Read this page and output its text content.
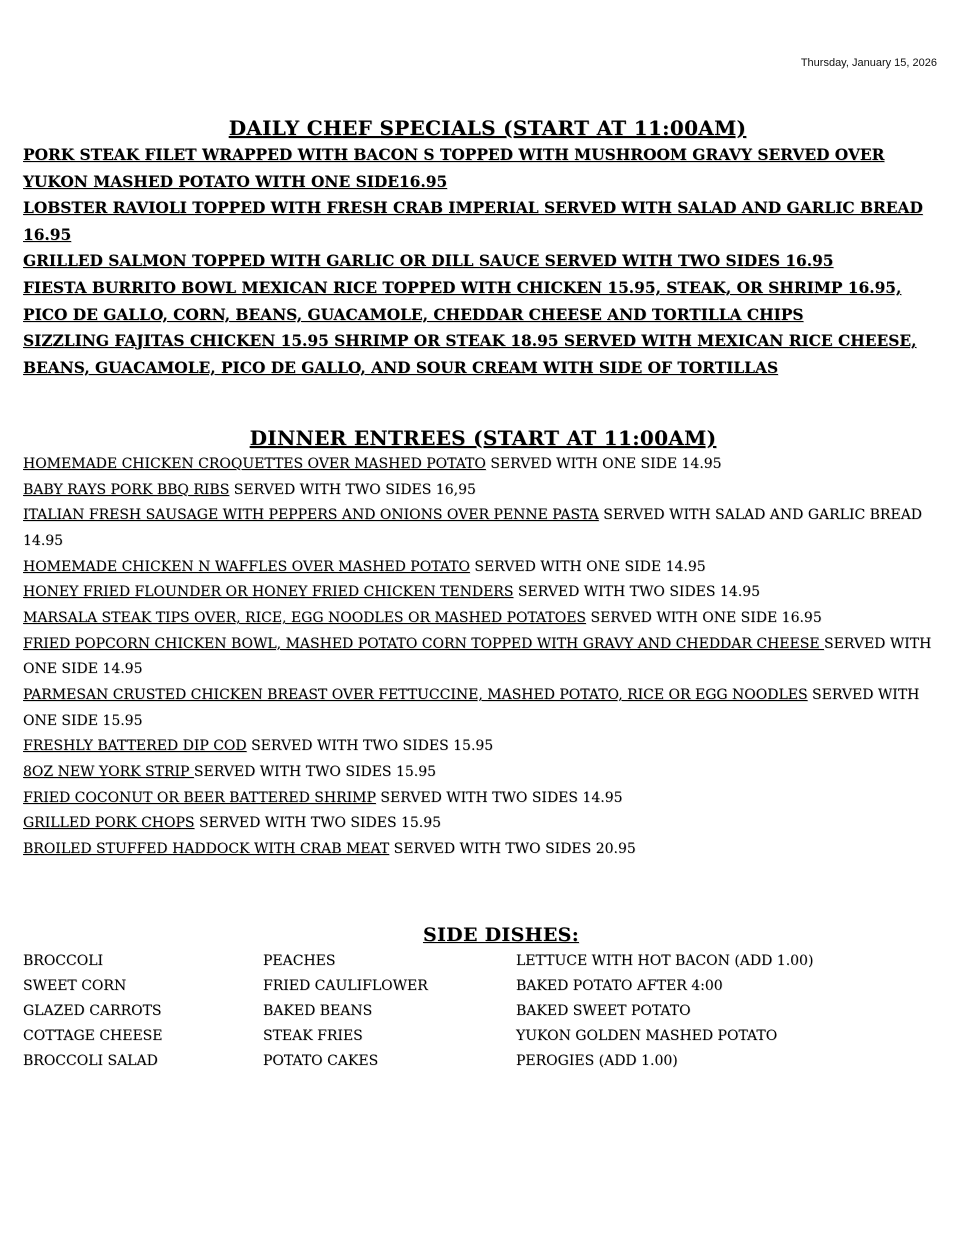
Thursday, January 15, 2026
DAILY CHEF SPECIALS (START AT 11:00AM)

PORK STEAK FILET WRAPPED WITH BACON S TOPPED WITH MUSHROOM GRAVY SERVED OVER YUKON MASHED POTATO WITH ONE SIDE16.95

LOBSTER RAVIOLI TOPPED WITH FRESH CRAB IMPERIAL SERVED WITH SALAD AND GARLIC BREAD 16.95

GRILLED SALMON TOPPED WITH GARLIC OR DILL SAUCE SERVED WITH TWO SIDES 16.95

FIESTA BURRITO BOWL MEXICAN RICE TOPPED WITH CHICKEN 15.95, STEAK, OR SHRIMP 16.95, PICO DE GALLO, CORN, BEANS, GUACAMOLE, CHEDDAR CHEESE AND TORTILLA CHIPS

SIZZLING FAJITAS CHICKEN 15.95 SHRIMP OR STEAK 18.95 SERVED WITH MEXICAN RICE CHEESE, BEANS, GUACAMOLE, PICO DE GALLO, AND SOUR CREAM WITH SIDE OF TORTILLAS

DINNER ENTREES (START AT 11:00AM)

HOMEMADE CHICKEN CROQUETTES OVER MASHED POTATO SERVED WITH ONE SIDE 14.95

BABY RAYS PORK BBQ RIBS SERVED WITH TWO SIDES 16,95

ITALIAN FRESH SAUSAGE WITH PEPPERS AND ONIONS OVER PENNE PASTA SERVED WITH SALAD AND GARLIC BREAD 14.95

HOMEMADE CHICKEN N WAFFLES OVER MASHED POTATO SERVED WITH ONE SIDE 14.95

HONEY FRIED FLOUNDER OR HONEY FRIED CHICKEN TENDERS SERVED WITH TWO SIDES 14.95

MARSALA STEAK TIPS OVER, RICE, EGG NOODLES OR MASHED POTATOES SERVED WITH ONE SIDE 16.95

FRIED POPCORN CHICKEN BOWL, MASHED POTATO CORN TOPPED WITH GRAVY AND CHEDDAR CHEESE SERVED WITH ONE SIDE 14.95

PARMESAN CRUSTED CHICKEN BREAST OVER FETTUCCINE, MASHED POTATO, RICE OR EGG NOODLES SERVED WITH ONE SIDE 15.95

FRESHLY BATTERED DIP COD SERVED WITH TWO SIDES 15.95

8OZ NEW YORK STRIP SERVED WITH TWO SIDES 15.95

FRIED COCONUT OR BEER BATTERED SHRIMP SERVED WITH TWO SIDES 14.95

GRILLED PORK CHOPS SERVED WITH TWO SIDES 15.95

BROILED STUFFED HADDOCK WITH CRAB MEAT SERVED WITH TWO SIDES 20.95

SIDE DISHES:
BROCCOLI
SWEET CORN
GLAZED CARROTS
COTTAGE CHEESE
BROCCOLI SALAD
PEACHES
FRIED CAULIFLOWER
BAKED BEANS
STEAK FRIES
POTATO CAKES
LETTUCE WITH HOT BACON (ADD 1.00)
BAKED POTATO AFTER 4:00
BAKED SWEET POTATO
YUKON GOLDEN MASHED POTATO
PEROGIES (ADD 1.00)
